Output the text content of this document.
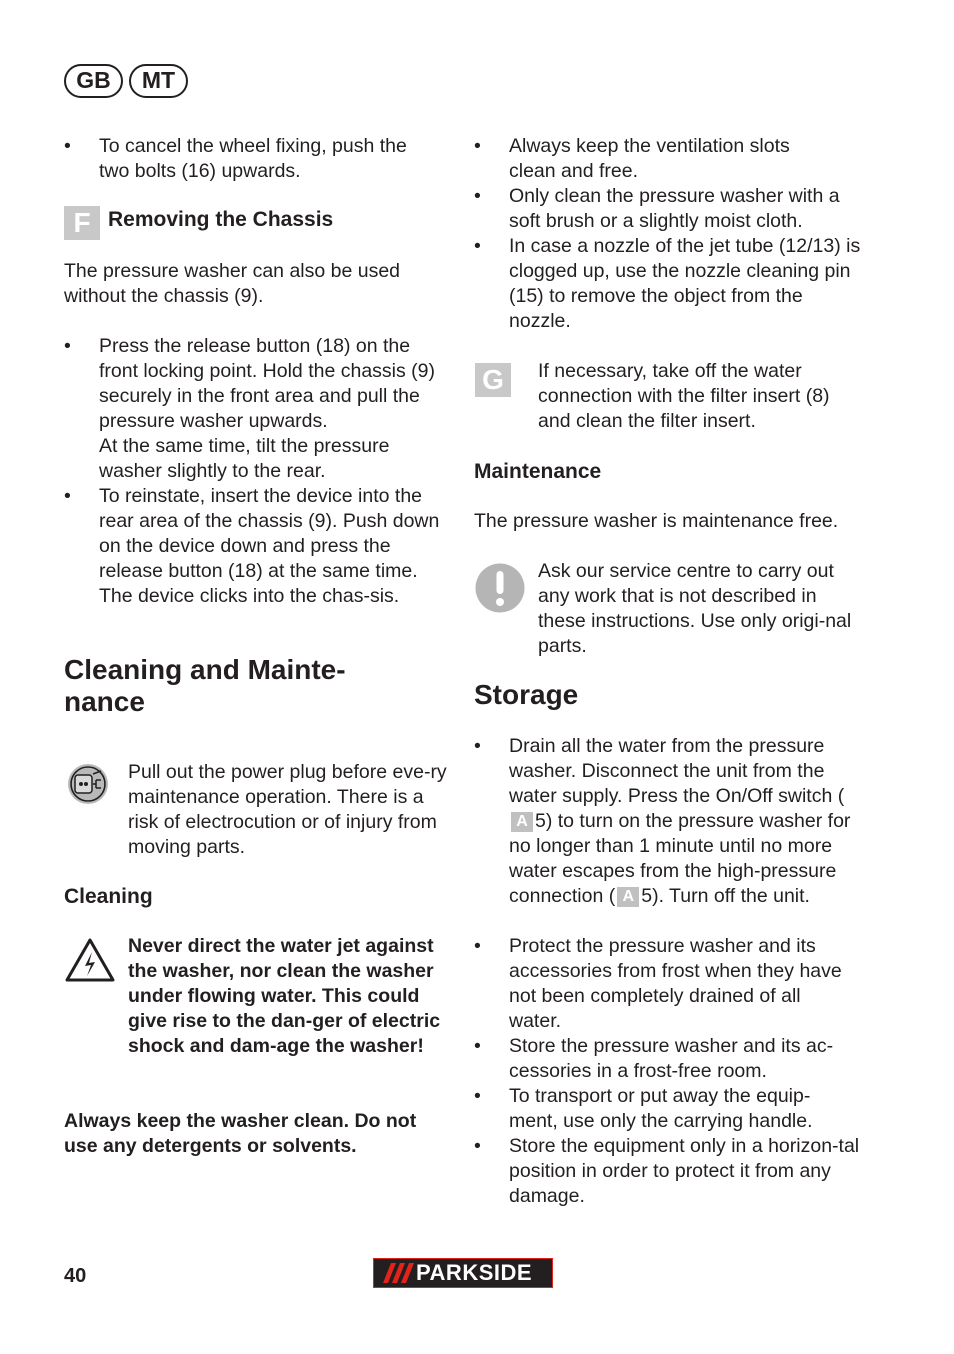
GB	MT
• To cancel the wheel fixing, push the two bolts (16) upwards.
F Removing the Chassis
The pressure washer can also be used without the chassis (9).
• Press the release button (18) on the front locking point. Hold the chassis (9) securely in the front area and pull the pressure washer upwards.
At the same time, tilt the pressure washer slightly to the rear.
• To reinstate, insert the device into the rear area of the chassis (9). Push down on the device down and press the release button (18) at the same time. The device clicks into the chas-sis.
Cleaning and Mainte-
nance
Pull out the power plug before eve-ry maintenance operation. There is a risk of electrocution or of injury from moving parts.
Cleaning
Never direct the water jet against the washer, nor clean the washer under flowing water. This could give rise to the dan-ger of electric shock and dam-age the washer!
Always keep the washer clean. Do not use any detergents or solvents.
• Always keep the ventilation slots clean and free.
• Only clean the pressure washer with a soft brush or a slightly moist cloth.
• In case a nozzle of the jet tube (12/13) is clogged up, use the nozzle cleaning pin (15) to remove the object from the nozzle.
G	If necessary, take off the water connection with the filter insert (8) and clean the filter insert.
Maintenance
The pressure washer is maintenance free.
Ask our service centre to carry out any work that is not described in these instructions. Use only origi-nal parts.
Storage
• Drain all the water from the pressure washer. Disconnect the unit from the water supply. Press the On/Off switch (A 5) to turn on the pressure washer for no longer than 1 minute until no more water escapes from the high-pressure connection ( A 5). Turn off the unit.
• Protect the pressure washer and its accessories from frost when they have not been completely drained of all water.
• Store the pressure washer and its ac-cessories in a frost-free room.
• To transport or put away the equip-ment, use only the carrying handle.
• Store the equipment only in a horizon-tal position in order to protect it from any damage.
40	PARKSIDE
